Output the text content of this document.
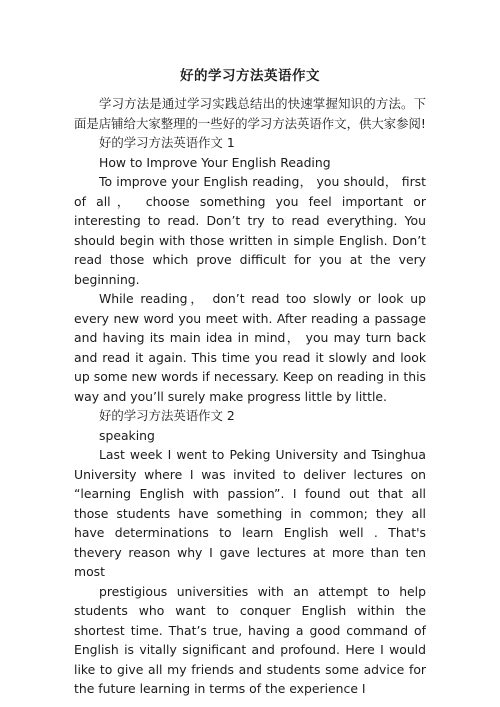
好的学习方法英语作文

学习方法是通过学习实践总结出的快速掌握知识的方法。下面是店铺给大家整理的一些好的学习方法英语作文，供大家参阅!

好的学习方法英语作文 1

How to Improve Your English Reading

To improve your English reading， you should， first of all， choose something you feel important or interesting to read. Don’t try to read everything. You should begin with those written in simple English. Don’t read those which prove difficult for you at the very beginning.

While reading， don’t read too slowly or look up every new word you meet with. After reading a passage and having its main idea in mind， you may turn back and read it again. This time you read it slowly and look up some new words if necessary. Keep on reading in this way and you’ll surely make progress little by little.

好的学习方法英语作文 2

speaking

Last week I went to Peking University and Tsinghua University where I was invited to deliver lectures on “learning English with passion”. I found out that all those students have something in common; they all have determinations to learn English well . That's thevery reason why I gave lectures at more than ten most

prestigious universities with an attempt to help students who want to conquer English within the shortest time. That’s true, having a good command of English is vitally significant and profound. Here I would like to give all my friends and students some advice for the future learning in terms of the experience I
